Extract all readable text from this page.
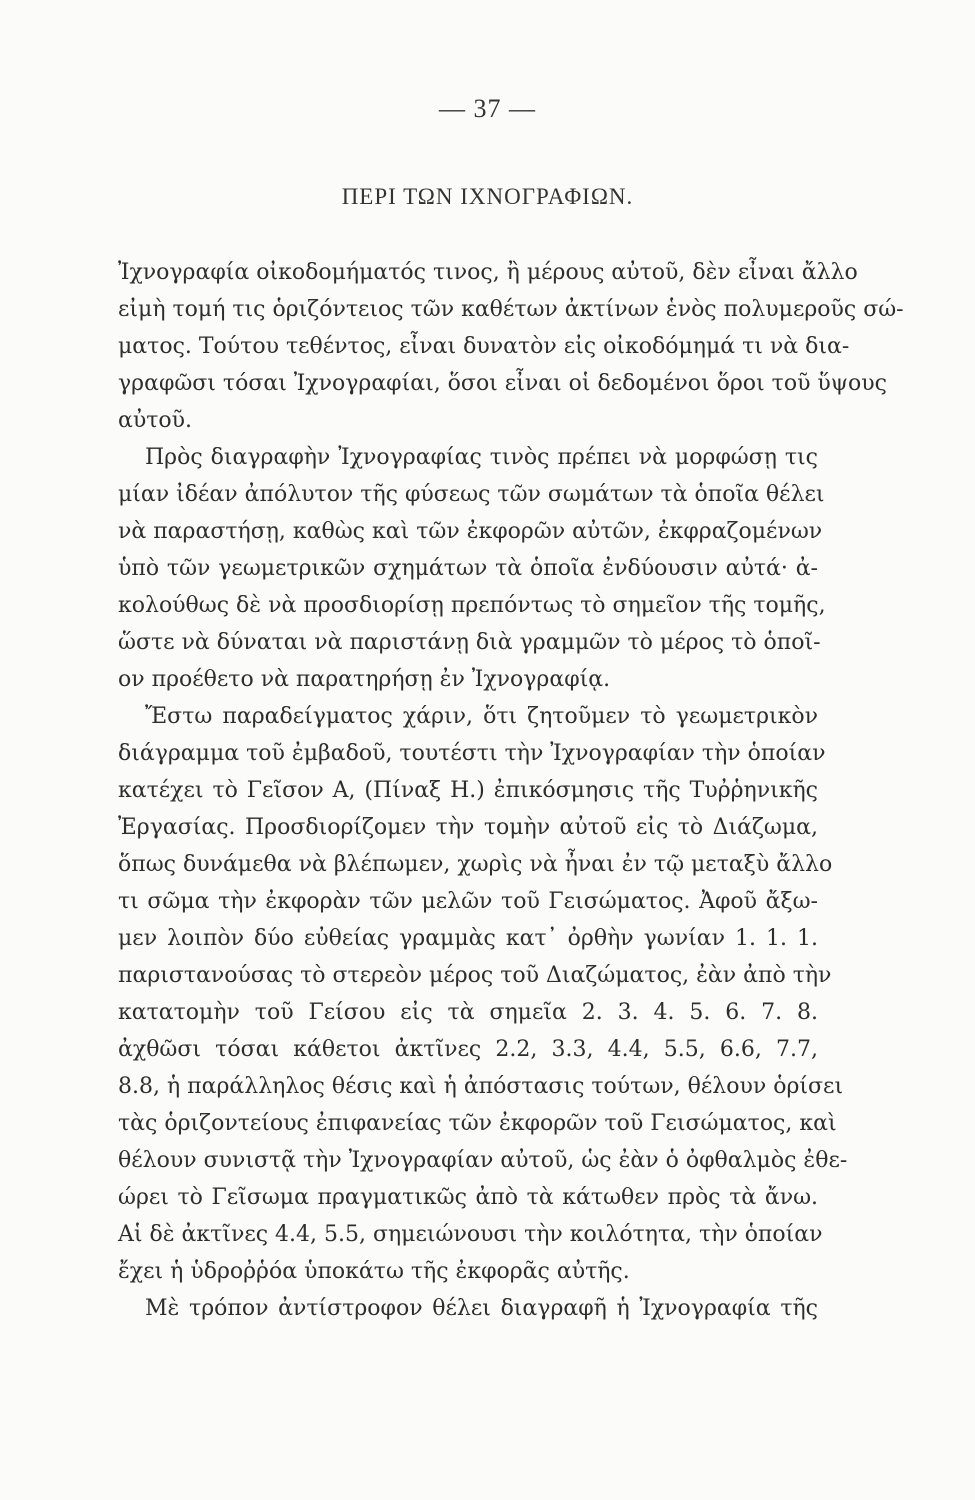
— 37 —
ΠΕΡΙ ΤΩΝ ΙΧΝΟΓΡΑΦΙΩΝ.
Ἰχνογραφία οἰκοδομήματός τινος, ἢ μέρους αὐτοῦ, δὲν εἶναι ἄλλο
εἰμὴ τομή τις ὁριζόντειος τῶν καθέτων ἀκτίνων ἑνὸς πολυμεροῦς σώ-
ματος. Τούτου τεθέντος, εἶναι δυνατὸν εἰς οἰκοδόμημά τι νὰ δια-
γραφῶσι τόσαι Ἰχνογραφίαι, ὅσοι εἶναι οἱ δεδομένοι ὅροι τοῦ ὕψους
αὐτοῦ.
Πρὸς διαγραφὴν Ἰχνογραφίας τινὸς πρέπει νὰ μορφώσῃ τις
μίαν ἰδέαν ἀπόλυτον τῆς φύσεως τῶν σωμάτων τὰ ὁποῖα θέλει
νὰ παραστήσῃ, καθὼς καὶ τῶν ἐκφορῶν αὐτῶν, ἐκφραζομένων
ὑπὸ τῶν γεωμετρικῶν σχημάτων τὰ ὁποῖα ἐνδύουσιν αὐτά· ἀ-
κολούθως δὲ νὰ προσδιορίσῃ πρεπόντως τὸ σημεῖον τῆς τομῆς,
ὥστε νὰ δύναται νὰ παριστάνῃ διὰ γραμμῶν τὸ μέρος τὸ ὁποῖ-
ον προέθετο νὰ παρατηρήσῃ ἐν Ἰχνογραφίᾳ.
Ἔστω παραδείγματος χάριν, ὅτι ζητοῦμεν τὸ γεωμετρικὸν
διάγραμμα τοῦ ἐμβαδοῦ, τουτέστι τὴν Ἰχνογραφίαν τὴν ὁποίαν
κατέχει τὸ Γεῖσον Α, (Πίναξ Η.) ἐπικόσμησις τῆς Τυῤῥηνικῆς
Ἐργασίας. Προσδιορίζομεν τὴν τομὴν αὐτοῦ εἰς τὸ Διάζωμα,
ὅπως δυνάμεθα νὰ βλέπωμεν, χωρὶς νὰ ἦναι ἐν τῷ μεταξὺ ἄλλο
τι σῶμα τὴν ἐκφορὰν τῶν μελῶν τοῦ Γεισώματος. Ἀφοῦ ἄξω-
μεν λοιπὸν δύο εὐθείας γραμμὰς κατ᾽ ὀρθὴν γωνίαν 1. 1. 1.
παριστανούσας τὸ στερεὸν μέρος τοῦ Διαζώματος, ἐὰν ἀπὸ τὴν
κατατομὴν τοῦ Γείσου εἰς τὰ σημεῖα 2. 3. 4. 5. 6. 7. 8.
ἀχθῶσι τόσαι κάθετοι ἀκτῖνες 2.2, 3.3, 4.4, 5.5, 6.6, 7.7,
8.8, ἡ παράλληλος θέσις καὶ ἡ ἀπόστασις τούτων, θέλουν ὁρίσει
τὰς ὁριζοντείους ἐπιφανείας τῶν ἐκφορῶν τοῦ Γεισώματος, καὶ
θέλουν συνιστᾷ τὴν Ἰχνογραφίαν αὐτοῦ, ὡς ἐὰν ὁ ὀφθαλμὸς ἐθε-
ώρει τὸ Γεῖσωμα πραγματικῶς ἀπὸ τὰ κάτωθεν πρὸς τὰ ἄνω.
Αἱ δὲ ἀκτῖνες 4.4, 5.5, σημειώνουσι τὴν κοιλότητα, τὴν ὁποίαν
ἔχει ἡ ὑδροῤῥόα ὑποκάτω τῆς ἐκφορᾶς αὐτῆς.
Μὲ τρόπον ἀντίστροφον θέλει διαγραφῆ ἡ Ἰχνογραφία τῆς
